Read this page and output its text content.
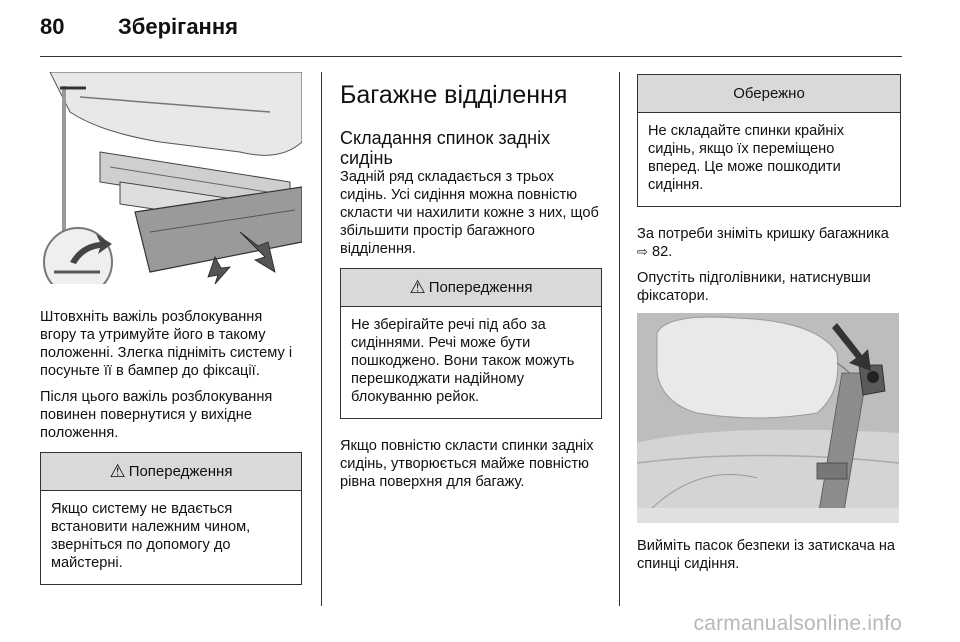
80	Зберігання

Штовхніть важіль розблокування вгору та утримуйте його в такому положенні. Злегка підніміть систему і посуньте її в бампер до фіксації.

Після цього важіль розблокування повинен повернутися у вихідне положення.

⚠ Попередження
Якщо систему не вдається встановити належним чином, зверніться по допомогу до майстерні.
Багажне відділення
Складання спинок задніх сидінь

Задній ряд складається з трьох сидінь. Усі сидіння можна повністю скласти чи нахилити кожне з них, щоб збільшити простір багажного відділення.

⚠ Попередження
Не зберігайте речі під або за сидіннями. Речі може бути пошкоджено. Вони також можуть перешкоджати надійному блокуванню рейок.

Якщо повністю скласти спинки задніх сидінь, утворюється майже повністю рівна поверхня для багажу.

Обережно
Не складайте спинки крайніх сидінь, якщо їх переміщено вперед. Це може пошкодити сидіння.

За потреби зніміть кришку багажника ⇨ 82.

Опустіть підголівники, натиснувши фіксатори.

Вийміть пасок безпеки із затискача на спинці сидіння.

carmanualsonline.info
